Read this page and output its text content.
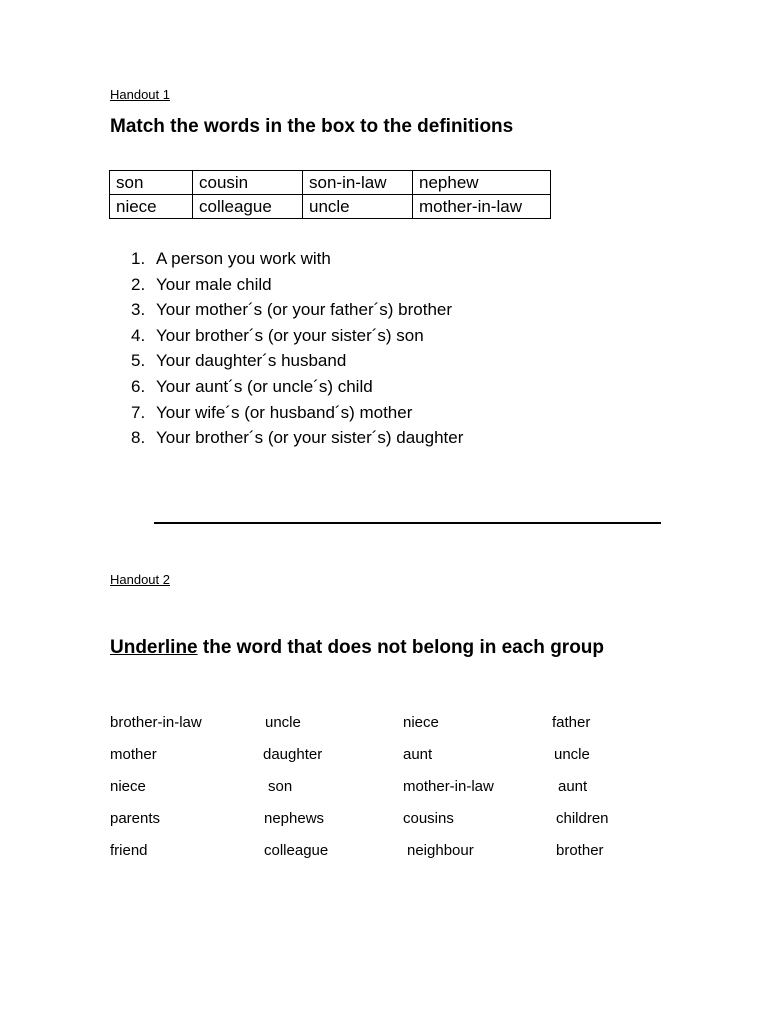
Handout 1
Match the words in the box to the definitions
son	cousin	son-in-law	nephew
niece	colleague	uncle	mother-in-law
1. A person you work with
2. Your male child
3. Your mother´s (or your father´s) brother
4. Your brother´s (or your sister´s) son
5. Your daughter´s husband
6. Your aunt´s (or uncle´s) child
7. Your wife´s (or husband´s) mother
8. Your brother´s (or your sister´s) daughter
Handout 2
Underline the word that does not belong in each group
brother-in-law	uncle	niece	father
mother	daughter	aunt	uncle
niece	son	mother-in-law	aunt
parents	nephews	cousins	children
friend	colleague	neighbour	brother
